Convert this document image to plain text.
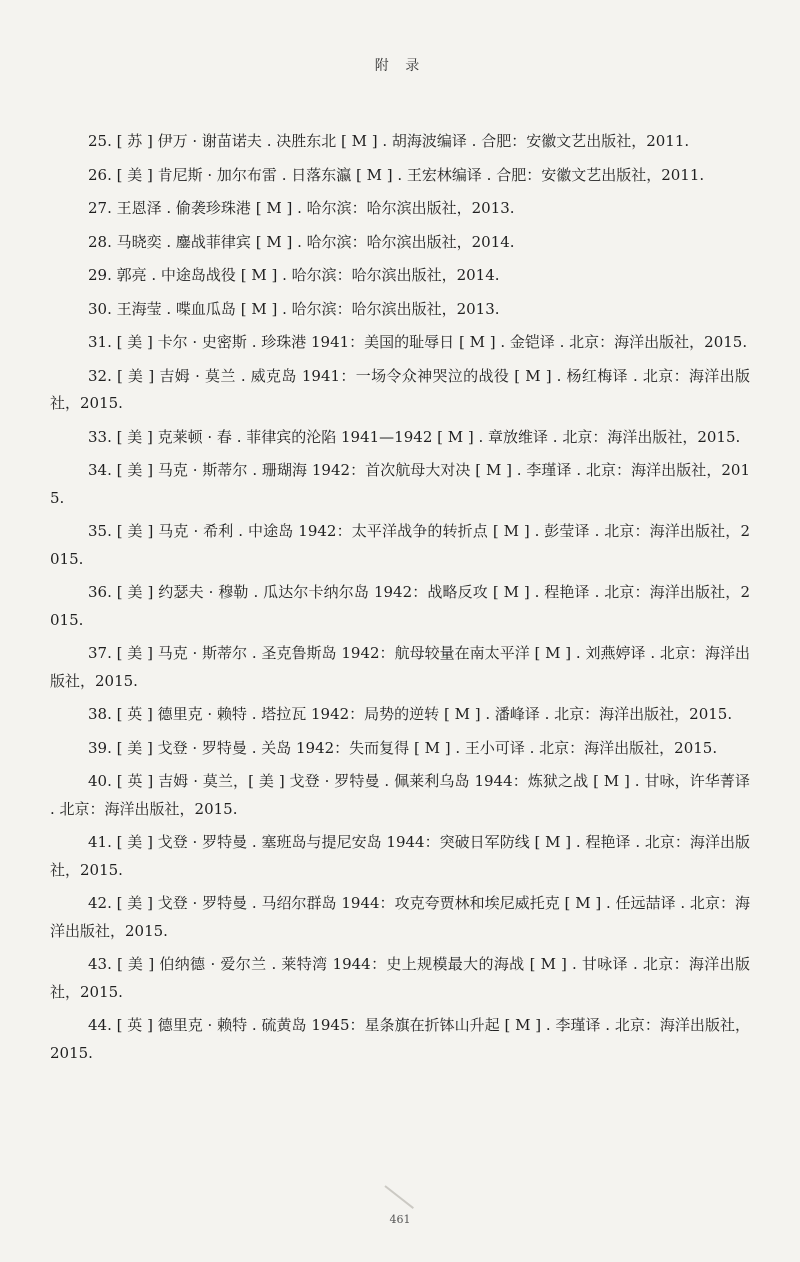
附 录

25. [ 苏 ] 伊万 · 谢苗诺夫 . 决胜东北 [ M ] . 胡海波编译 . 合肥：安徽文艺出版社，2011.

26. [ 美 ] 肯尼斯 · 加尔布雷 . 日落东瀛 [ M ] . 王宏林编译 . 合肥：安徽文艺出版社，2011.

27. 王恩泽 . 偷袭珍珠港 [ M ] . 哈尔滨：哈尔滨出版社，2013.

28. 马晓奕 . 鏖战菲律宾 [ M ] . 哈尔滨：哈尔滨出版社，2014.

29. 郭亮 . 中途岛战役 [ M ] . 哈尔滨：哈尔滨出版社，2014.

30. 王海莹 . 喋血瓜岛 [ M ] . 哈尔滨：哈尔滨出版社，2013.

31. [ 美 ] 卡尔 · 史密斯 . 珍珠港 1941：美国的耻辱日 [ M ] . 金铠译 . 北京：海洋出版社，2015.

32. [ 美 ] 吉姆 · 莫兰 . 威克岛 1941：一场令众神哭泣的战役 [ M ] . 杨红梅译 . 北京：海洋出版社，2015.

33. [ 美 ] 克莱顿 · 春 . 菲律宾的沦陷 1941—1942 [ M ] . 章放维译 . 北京：海洋出版社，2015.

34. [ 美 ] 马克 · 斯蒂尔 . 珊瑚海 1942：首次航母大对决 [ M ] . 李瑾译 . 北京：海洋出版社，2015.

35. [ 美 ] 马克 · 希利 . 中途岛 1942：太平洋战争的转折点 [ M ] . 彭莹译 . 北京：海洋出版社，2015.

36. [ 美 ] 约瑟夫 · 穆勒 . 瓜达尔卡纳尔岛 1942：战略反攻 [ M ] . 程艳译 . 北京：海洋出版社，2015.

37. [ 美 ] 马克 · 斯蒂尔 . 圣克鲁斯岛 1942：航母较量在南太平洋 [ M ] . 刘燕婷译 . 北京：海洋出版社，2015.

38. [ 英 ] 德里克 · 赖特 . 塔拉瓦 1942：局势的逆转 [ M ] . 潘峰译 . 北京：海洋出版社，2015.

39. [ 美 ] 戈登 · 罗特曼 . 关岛 1942：失而复得 [ M ] . 王小可译 . 北京：海洋出版社，2015.

40. [ 英 ] 吉姆 · 莫兰，[ 美 ] 戈登 · 罗特曼 . 佩莱利乌岛 1944：炼狱之战 [ M ] . 甘咏，许华菁译 . 北京：海洋出版社，2015.

41. [ 美 ] 戈登 · 罗特曼 . 塞班岛与提尼安岛 1944：突破日军防线 [ M ] . 程艳译 . 北京：海洋出版社，2015.

42. [ 美 ] 戈登 · 罗特曼 . 马绍尔群岛 1944：攻克夸贾林和埃尼威托克 [ M ] . 任远喆译 . 北京：海洋出版社，2015.

43. [ 美 ] 伯纳德 · 爱尔兰 . 莱特湾 1944：史上规模最大的海战 [ M ] . 甘咏译 . 北京：海洋出版社，2015.

44. [ 英 ] 德里克 · 赖特 . 硫黄岛 1945：星条旗在折钵山升起 [ M ] . 李瑾译 . 北京：海洋出版社，2015.

461
